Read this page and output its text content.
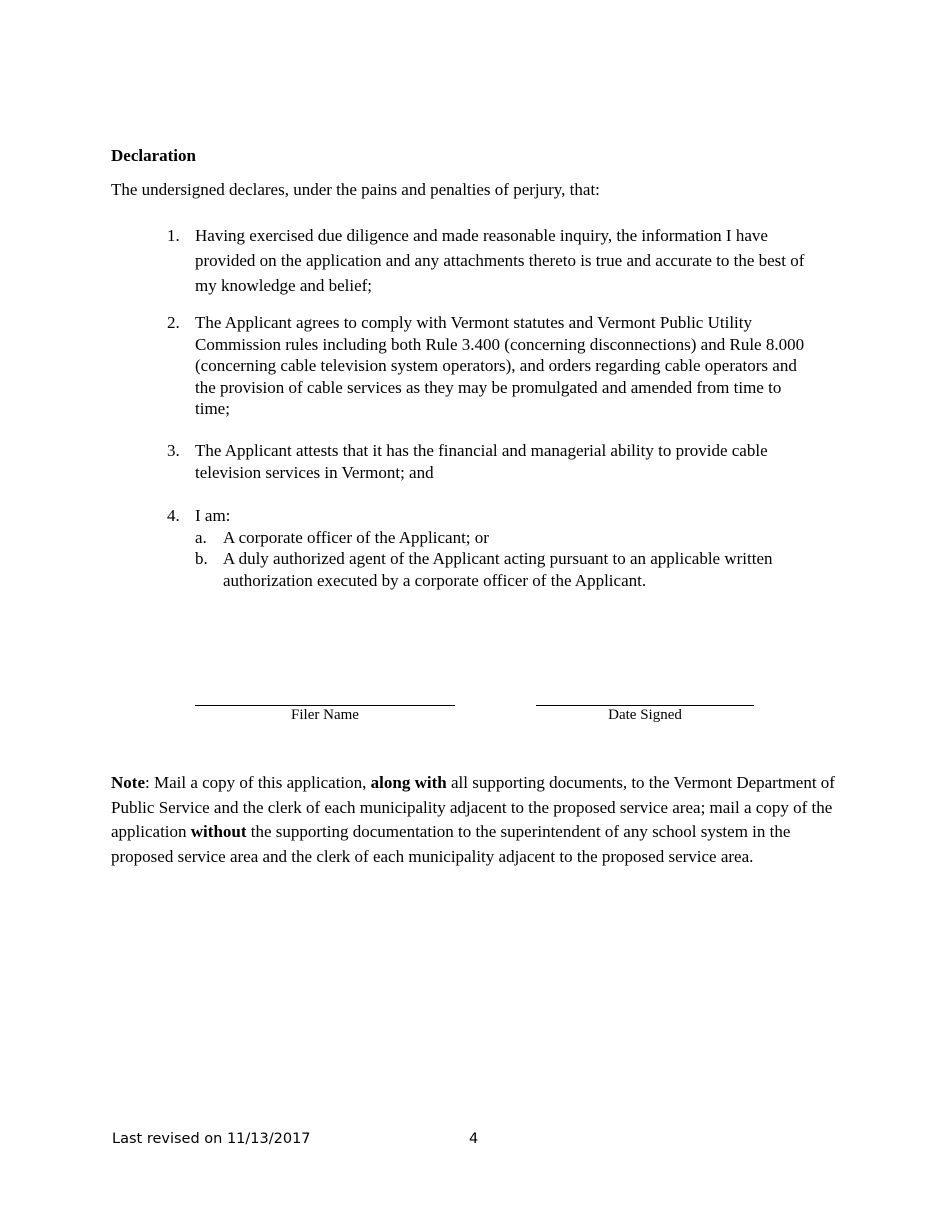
Declaration
The undersigned declares, under the pains and penalties of perjury, that:
1. Having exercised due diligence and made reasonable inquiry, the information I have provided on the application and any attachments thereto is true and accurate to the best of my knowledge and belief;
2. The Applicant agrees to comply with Vermont statutes and Vermont Public Utility Commission rules including both Rule 3.400 (concerning disconnections) and Rule 8.000 (concerning cable television system operators), and orders regarding cable operators and the provision of cable services as they may be promulgated and amended from time to time;
3. The Applicant attests that it has the financial and managerial ability to provide cable television services in Vermont; and
4. I am:
a. A corporate officer of the Applicant; or
b. A duly authorized agent of the Applicant acting pursuant to an applicable written authorization executed by a corporate officer of the Applicant.
Filer Name	Date Signed
Note: Mail a copy of this application, along with all supporting documents, to the Vermont Department of Public Service and the clerk of each municipality adjacent to the proposed service area; mail a copy of the application without the supporting documentation to the superintendent of any school system in the proposed service area and the clerk of each municipality adjacent to the proposed service area.
Last revised on 11/13/2017	4
